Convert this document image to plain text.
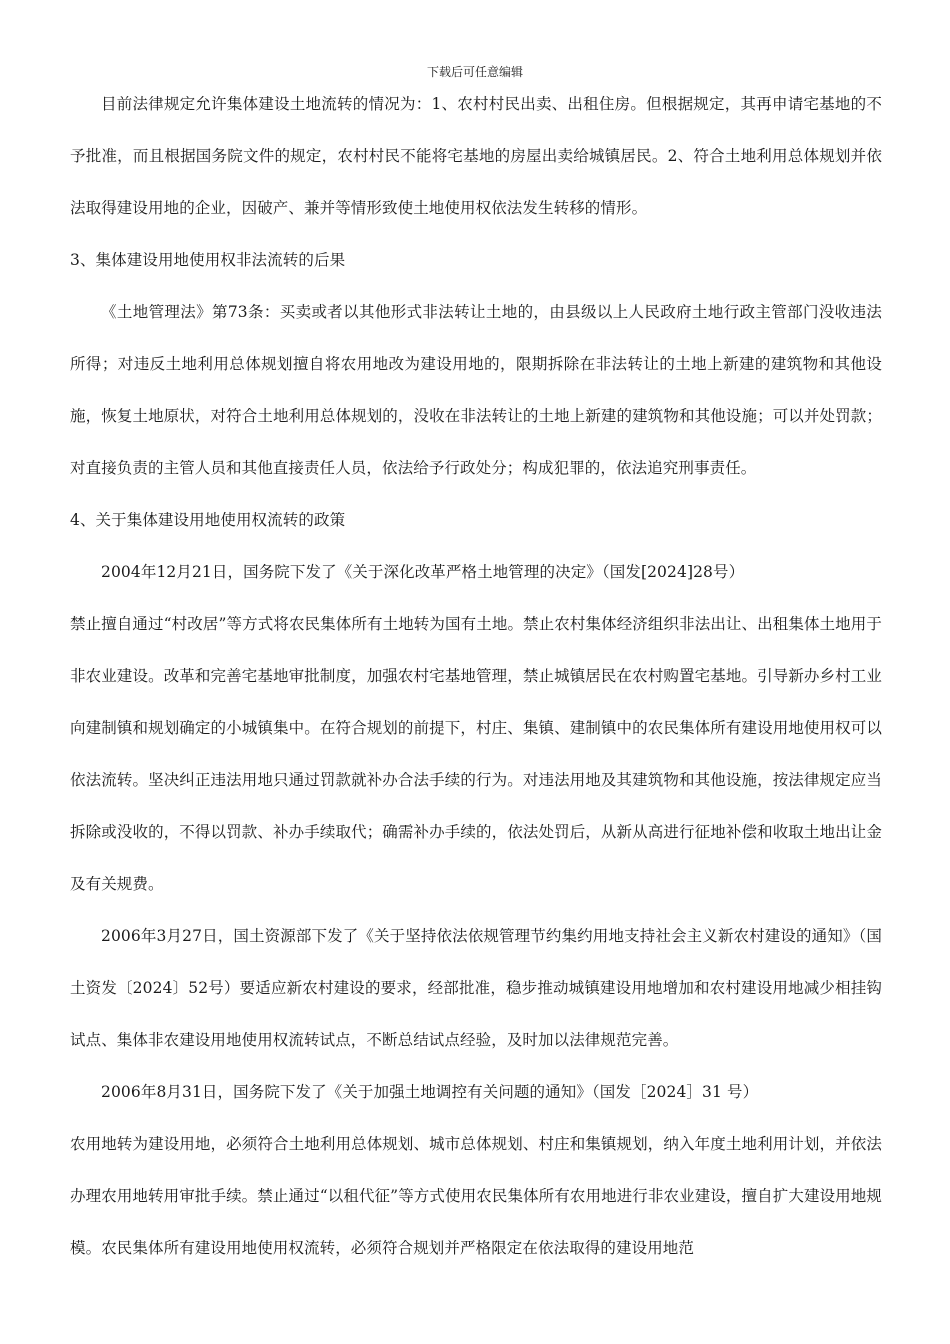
下载后可任意编辑

目前法律规定允许集体建设土地流转的情况为：1、农村村民出卖、出租住房。但根据规定，其再申请宅基地的不予批准，而且根据国务院文件的规定，农村村民不能将宅基地的房屋出卖给城镇居民。2、符合土地利用总体规划并依法取得建设用地的企业，因破产、兼并等情形致使土地使用权依法发生转移的情形。

3、集体建设用地使用权非法流转的后果

《土地管理法》第73条：买卖或者以其他形式非法转让土地的，由县级以上人民政府土地行政主管部门没收违法所得；对违反土地利用总体规划擅自将农用地改为建设用地的，限期拆除在非法转让的土地上新建的建筑物和其他设施，恢复土地原状，对符合土地利用总体规划的，没收在非法转让的土地上新建的建筑物和其他设施；可以并处罚款；对直接负责的主管人员和其他直接责任人员，依法给予行政处分；构成犯罪的，依法追究刑事责任。

4、关于集体建设用地使用权流转的政策

2004年12月21日，国务院下发了《关于深化改革严格土地管理的决定》（国发[2024]28号）

禁止擅自通过“村改居”等方式将农民集体所有土地转为国有土地。禁止农村集体经济组织非法出让、出租集体土地用于非农业建设。改革和完善宅基地审批制度，加强农村宅基地管理，禁止城镇居民在农村购置宅基地。引导新办乡村工业向建制镇和规划确定的小城镇集中。在符合规划的前提下，村庄、集镇、建制镇中的农民集体所有建设用地使用权可以依法流转。坚决纠正违法用地只通过罚款就补办合法手续的行为。对违法用地及其建筑物和其他设施，按法律规定应当拆除或没收的，不得以罚款、补办手续取代；确需补办手续的，依法处罚后，从新从高进行征地补偿和收取土地出让金及有关规费。

2006年3月27日，国土资源部下发了《关于坚持依法依规管理节约集约用地支持社会主义新农村建设的通知》（国土资发〔2024〕52号）要适应新农村建设的要求，经部批准，稳步推动城镇建设用地增加和农村建设用地减少相挂钩试点、集体非农建设用地使用权流转试点，不断总结试点经验，及时加以法律规范完善。

2006年8月31日，国务院下发了《关于加强土地调控有关问题的通知》（国发［2024］31 号）

农用地转为建设用地，必须符合土地利用总体规划、城市总体规划、村庄和集镇规划，纳入年度土地利用计划，并依法办理农用地转用审批手续。禁止通过“以租代征”等方式使用农民集体所有农用地进行非农业建设，擅自扩大建设用地规模。农民集体所有建设用地使用权流转，必须符合规划并严格限定在依法取得的建设用地范
